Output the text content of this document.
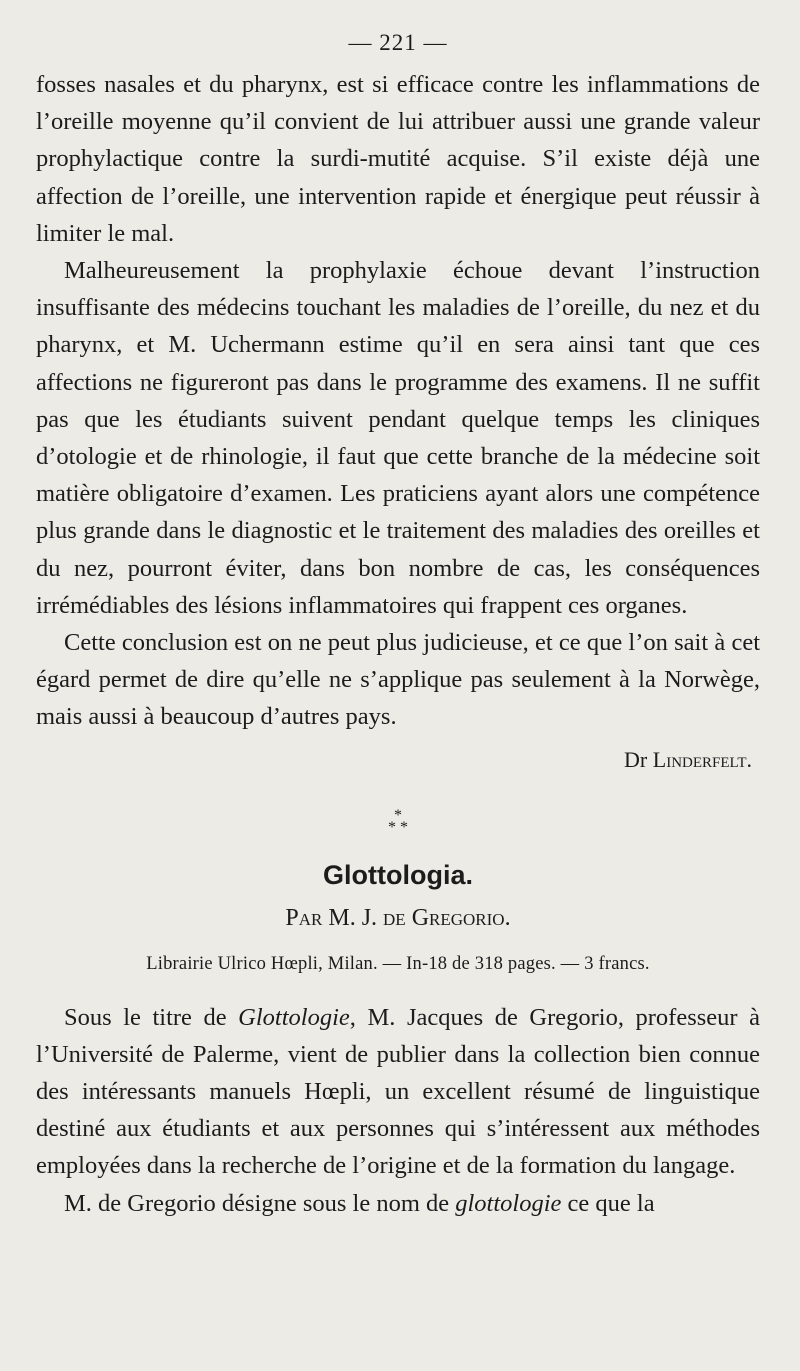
— 221 —

fosses nasales et du pharynx, est si efficace contre les inflammations de l’oreille moyenne qu’il convient de lui attribuer aussi une grande valeur prophylactique contre la surdi-mutité acquise. S’il existe déjà une affection de l’oreille, une intervention rapide et énergique peut réussir à limiter le mal.

Malheureusement la prophylaxie échoue devant l’instruction insuffisante des médecins touchant les maladies de l’oreille, du nez et du pharynx, et M. Uchermann estime qu’il en sera ainsi tant que ces affections ne figureront pas dans le programme des examens. Il ne suffit pas que les étudiants suivent pendant quelque temps les cliniques d’otologie et de rhinologie, il faut que cette branche de la médecine soit matière obligatoire d’examen. Les praticiens ayant alors une compétence plus grande dans le diagnostic et le traitement des maladies des oreilles et du nez, pourront éviter, dans bon nombre de cas, les conséquences irrémédiables des lésions inflammatoires qui frappent ces organes.

Cette conclusion est on ne peut plus judicieuse, et ce que l’on sait à cet égard permet de dire qu’elle ne s’applique pas seulement à la Norwège, mais aussi à beaucoup d’autres pays.

Dr Linderfelt.
*
* *
Glottologia.
Par M. J. de Gregorio.
Librairie Ulrico Hœpli, Milan. — In-18 de 318 pages. — 3 francs.

Sous le titre de Glottologie, M. Jacques de Gregorio, professeur à l’Université de Palerme, vient de publier dans la collection bien connue des intéressants manuels Hœpli, un excellent résumé de linguistique destiné aux étudiants et aux personnes qui s’intéressent aux méthodes employées dans la recherche de l’origine et de la formation du langage.

M. de Gregorio désigne sous le nom de glottologie ce que la
